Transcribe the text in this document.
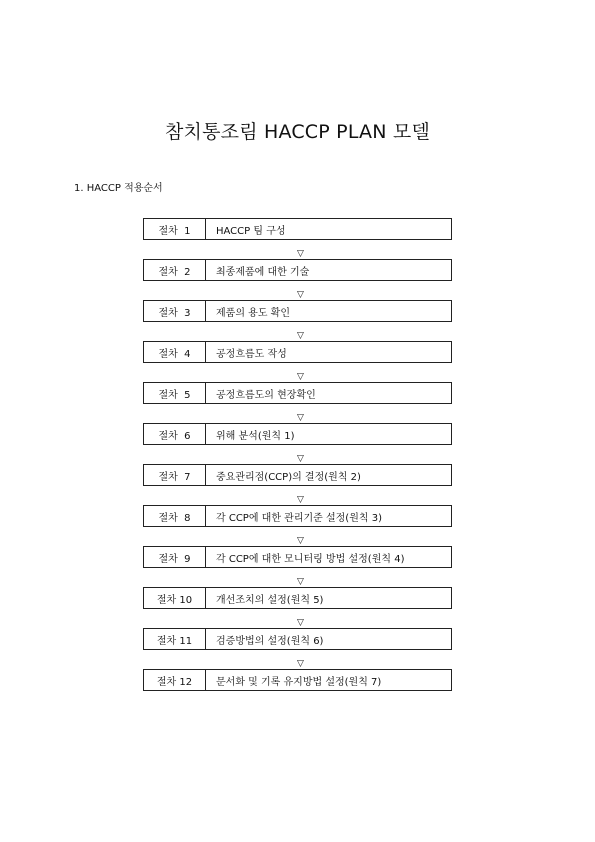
참치통조림 HACCP PLAN 모델
1. HACCP 적용순서
절차  1	HACCP 팀 구성
▽
절차  2	최종제품에 대한 기술
▽
절차  3	제품의 용도 확인
▽
절차  4	공정흐름도 작성
▽
절차  5	공정흐름도의 현장확인
▽
절차  6	위해 분석(원칙 1)
▽
절차  7	중요관리점(CCP)의 결정(원칙 2)
▽
절차  8	각 CCP에 대한 관리기준 설정(원칙 3)
▽
절차  9	각 CCP에 대한 모니터링 방법 설정(원칙 4)
▽
절차 10	개선조치의 설정(원칙 5)
▽
절차 11	검증방법의 설정(원칙 6)
▽
절차 12	문서화 및 기록 유지방법 설정(원칙 7)
